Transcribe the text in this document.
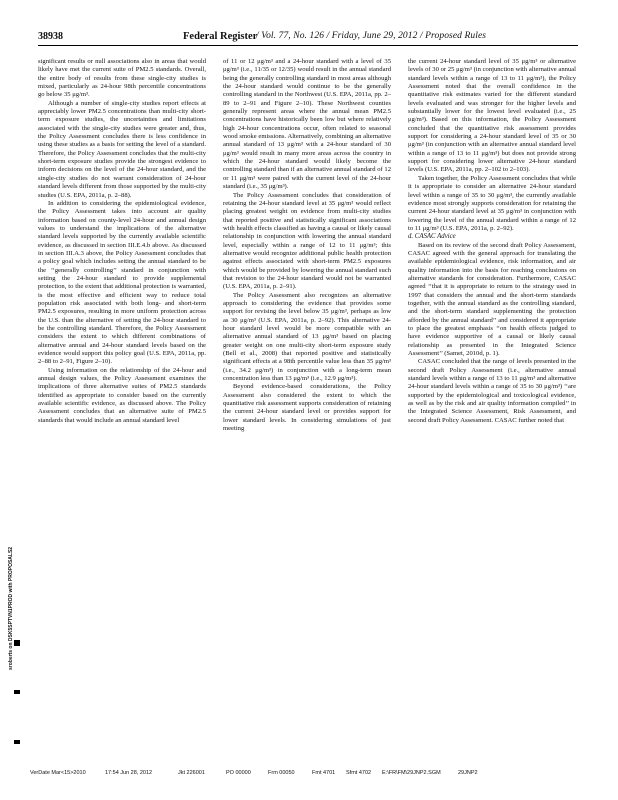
38938	Federal Register
/ Vol. 77, No. 126 / Friday, June 29, 2012 / Proposed Rules

significant results or null associations also in areas that would likely have met the current suite of PM2.5 standards. Overall, the entire body of results from these single-city studies is mixed, particularly as 24-hour 98th percentile concentrations go below 35 μg/m³.

Although a number of single-city studies report effects at appreciably lower PM2.5 concentrations than multi-city short-term exposure studies, the uncertainties and limitations associated with the single-city studies were greater and, thus, the Policy Assessment concludes there is less confidence in using these studies as a basis for setting the level of a standard. Therefore, the Policy Assessment concludes that the multi-city short-term exposure studies provide the strongest evidence to inform decisions on the level of the 24-hour standard, and the single-city studies do not warrant consideration of 24-hour standard levels different from those supported by the multi-city studies (U.S. EPA, 2011a, p. 2–88).

In addition to considering the epidemiological evidence, the Policy Assessment takes into account air quality information based on county-level 24-hour and annual design values to understand the implications of the alternative standard levels supported by the currently available scientific evidence, as discussed in section III.E.4.b above. As discussed in section III.A.3 above, the Policy Assessment concludes that a policy goal which includes setting the annual standard to be the ‘‘generally controlling’’ standard in conjunction with setting the 24-hour standard to provide supplemental protection, to the extent that additional protection is warranted, is the most effective and efficient way to reduce total population risk associated with both long- and short-term PM2.5 exposures, resulting in more uniform protection across the U.S. than the alternative of setting the 24-hour standard to be the controlling standard. Therefore, the Policy Assessment considers the extent to which different combinations of alternative annual and 24-hour standard levels based on the evidence would support this policy goal (U.S. EPA, 2011a, pp. 2–88 to 2–91, Figure 2–10).

Using information on the relationship of the 24-hour and annual design values, the Policy Assessment examines the implications of three alternative suites of PM2.5 standards identified as appropriate to consider based on the currently available scientific evidence, as discussed above. The Policy Assessment concludes that an alternative suite of PM2.5 standards that would include an annual standard level

of 11 or 12 μg/m³ and a 24-hour standard with a level of 35 μg/m³ (i.e., 11/35 or 12/35) would result in the annual standard being the generally controlling standard in most areas although the 24-hour standard would continue to be the generally controlling standard in the Northwest (U.S. EPA, 2011a, pp. 2–89 to 2–91 and Figure 2–10). These Northwest counties generally represent areas where the annual mean PM2.5 concentrations have historically been low but where relatively high 24-hour concentrations occur, often related to seasonal wood smoke emissions. Alternatively, combining an alternative annual standard of 13 μg/m³ with a 24-hour standard of 30 μg/m³ would result in many more areas across the country in which the 24-hour standard would likely become the controlling standard than if an alternative annual standard of 12 or 11 μg/m³ were paired with the current level of the 24-hour standard (i.e., 35 μg/m³).

The Policy Assessment concludes that consideration of retaining the 24-hour standard level at 35 μg/m³ would reflect placing greatest weight on evidence from multi-city studies that reported positive and statistically significant associations with health effects classified as having a causal or likely causal relationship in conjunction with lowering the annual standard level, especially within a range of 12 to 11 μg/m³; this alternative would recognize additional public health protection against effects associated with short-term PM2.5 exposures which would be provided by lowering the annual standard such that revision to the 24-hour standard would not be warranted (U.S. EPA, 2011a, p. 2–91).

The Policy Assessment also recognizes an alternative approach to considering the evidence that provides some support for revising the level below 35 μg/m³, perhaps as low as 30 μg/m³ (U.S. EPA, 2011a, p. 2–92). This alternative 24-hour standard level would be more compatible with an alternative annual standard of 13 μg/m³ based on placing greater weight on one multi-city short-term exposure study (Bell et al., 2008) that reported positive and statistically significant effects at a 98th percentile value less than 35 μg/m³ (i.e., 34.2 μg/m³) in conjunction with a long-term mean concentration less than 13 μg/m³ (i.e., 12.9 μg/m³).

Beyond evidence-based considerations, the Policy Assessment also considered the extent to which the quantitative risk assessment supports consideration of retaining the current 24-hour standard level or provides support for lower standard levels. In considering simulations of just meeting

the current 24-hour standard level of 35 μg/m³ or alternative levels of 30 or 25 μg/m³ (in conjunction with alternative annual standard levels within a range of 13 to 11 μg/m³), the Policy Assessment noted that the overall confidence in the quantitative risk estimates varied for the different standard levels evaluated and was stronger for the higher levels and substantially lower for the lowest level evaluated (i.e., 25 μg/m³). Based on this information, the Policy Assessment concluded that the quantitative risk assessment provides support for considering a 24-hour standard level of 35 or 30 μg/m³ (in conjunction with an alternative annual standard level within a range of 13 to 11 μg/m³) but does not provide strong support for considering lower alternative 24-hour standard levels (U.S. EPA, 2011a, pp. 2–102 to 2–103).

Taken together, the Policy Assessment concludes that while it is appropriate to consider an alternative 24-hour standard level within a range of 35 to 30 μg/m³, the currently available evidence most strongly supports consideration for retaining the current 24-hour standard level at 35 μg/m³ in conjunction with lowering the level of the annual standard within a range of 12 to 11 μg/m³ (U.S. EPA, 2011a, p. 2–92).

d. CASAC Advice

Based on its review of the second draft Policy Assessment, CASAC agreed with the general approach for translating the available epidemiological evidence, risk information, and air quality information into the basis for reaching conclusions on alternative standards for consideration. Furthermore, CASAC agreed ‘‘that it is appropriate to return to the strategy used in 1997 that considers the annual and the short-term standards together, with the annual standard as the controlling standard, and the short-term standard supplementing the protection afforded by the annual standard’’ and considered it appropriate to place the greatest emphasis ‘‘on health effects judged to have evidence supportive of a causal or likely causal relationship as presented in the Integrated Science Assessment’’ (Samet, 2010d, p. 1).

CASAC concluded that the range of levels presented in the second draft Policy Assessment (i.e., alternative annual standard levels within a range of 13 to 11 μg/m³ and alternative 24-hour standard levels within a range of 35 to 30 μg/m³) ‘‘are supported by the epidemiological and toxicological evidence, as well as by the risk and air quality information compiled’’ in the Integrated Science Assessment, Risk Assessment, and second draft Policy Assessment. CASAC further noted that

sroberts on DSK5SPTVN1PROD with PROPOSALS2
VerDate Mar<15>2010	17:54 Jun 28, 2012	Jkt 226001	PO 00000	Frm 00050	Fmt 4701 Sfmt 4702 E:\FR\FM\29JNP2.SGM	29JNP2
